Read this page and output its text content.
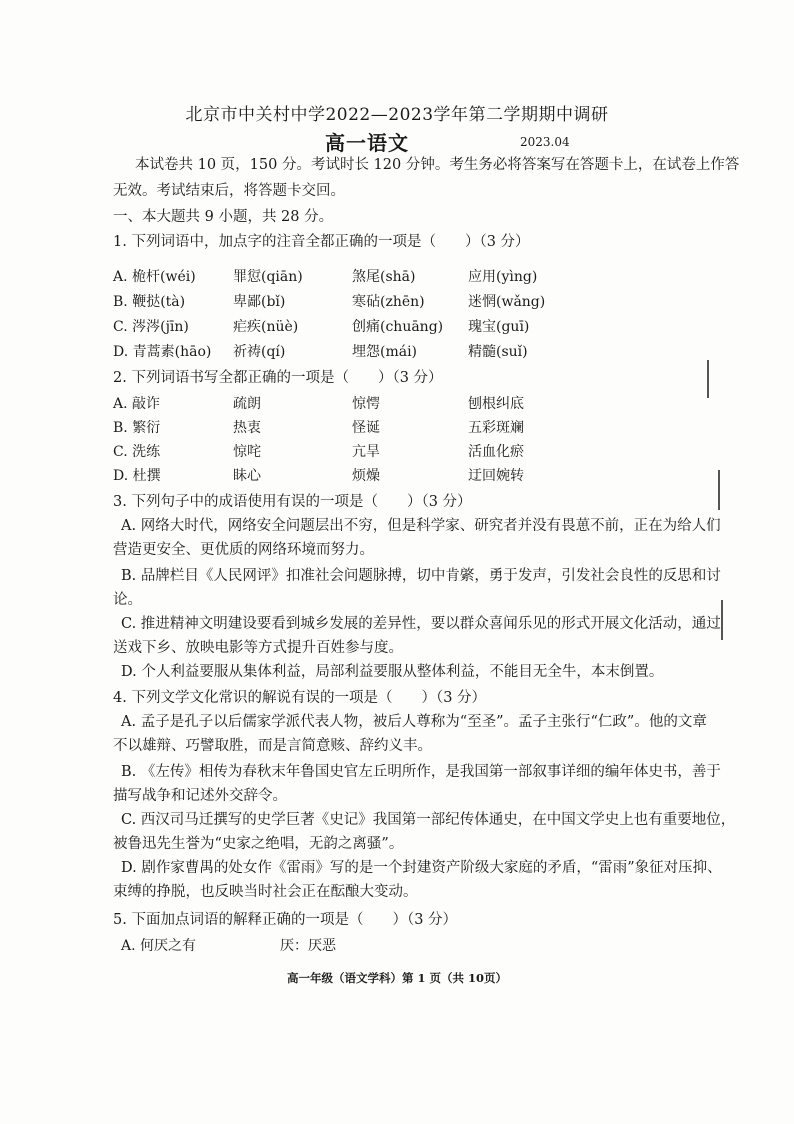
北京市中关村中学2022—2023学年第二学期期中调研
高一语文	2023.04
本试卷共 10 页，150 分。考试时长 120 分钟。考生务必将答案写在答题卡上，在试卷上作答
无效。考试结束后，将答题卡交回。
一、本大题共 9 小题，共 28 分。
1. 下列词语中，加点字的注音全都正确的一项是（　　）（3 分）
A. 桅杆(wéi)	罪愆(qiān)	煞尾(shā)	应用(yìng)
B. 鞭挞(tà)	卑鄙(bǐ)	寒砧(zhēn)	迷惘(wǎng)
C. 涔涔(jīn)	疟疾(nüè)	创痛(chuāng) 瑰宝(guī)
D. 青蒿素(hāo) 祈祷(qí)	埋怨(mái)	精髓(suǐ)
2. 下列词语书写全都正确的一项是（　　）（3 分）
A. 敲诈	疏朗	惊愕	刨根纠底
B. 繁衍	热衷	怪诞	五彩斑斓
C. 洗练	惊咤	亢旱	活血化瘀
D. 杜撰	眛心	烦燥	迂回婉转
3. 下列句子中的成语使用有误的一项是（　　）（3 分）
A. 网络大时代，网络安全问题层出不穷，但是科学家、研究者并没有畏葸不前，正在为给人们
营造更安全、更优质的网络环境而努力。
B. 品牌栏目《人民网评》扣准社会问题脉搏，切中肯綮，勇于发声，引发社会良性的反思和讨
论。
C. 推进精神文明建设要看到城乡发展的差异性，要以群众喜闻乐见的形式开展文化活动，通过
送戏下乡、放映电影等方式提升百姓参与度。
D. 个人利益要服从集体利益，局部利益要服从整体利益，不能目无全牛，本末倒置。
4. 下列文学文化常识的解说有误的一项是（　　）（3 分）
A. 孟子是孔子以后儒家学派代表人物，被后人尊称为“至圣”。孟子主张行“仁政”。他的文章
不以雄辩、巧譬取胜，而是言简意赅、辞约义丰。
B. 《左传》相传为春秋末年鲁国史官左丘明所作，是我国第一部叙事详细的编年体史书，善于
描写战争和记述外交辞令。
C. 西汉司马迁撰写的史学巨著《史记》我国第一部纪传体通史，在中国文学史上也有重要地位，
被鲁迅先生誉为“史家之绝唱，无韵之离骚”。
D. 剧作家曹禺的处女作《雷雨》写的是一个封建资产阶级大家庭的矛盾，“雷雨”象征对压抑、
束缚的挣脱，也反映当时社会正在酝酿大变动。
5. 下面加点词语的解释正确的一项是（　　）（3 分）
A. 何厌之有	厌：厌恶
高一年级（语文学科）第 1 页（共 10页）
